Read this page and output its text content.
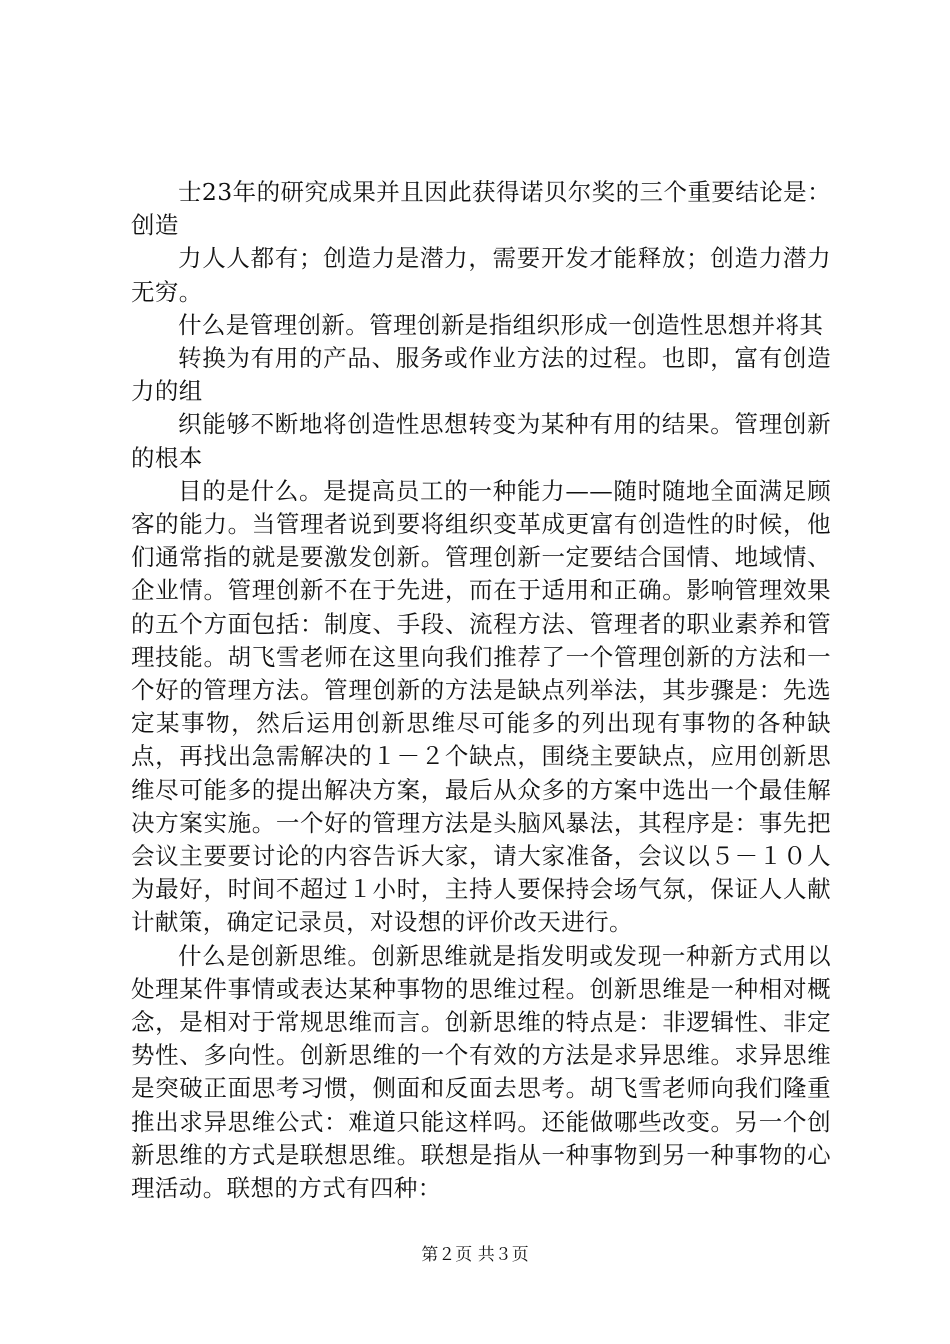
士23年的研究成果并且因此获得诺贝尔奖的三个重要结论是：创造

力人人都有；创造力是潜力，需要开发才能释放；创造力潜力无穷。

什么是管理创新。管理创新是指组织形成一创造性思想并将其

转换为有用的产品、服务或作业方法的过程。也即，富有创造力的组

织能够不断地将创造性思想转变为某种有用的结果。管理创新的根本

目的是什么。是提高员工的一种能力——随时随地全面满足顾客的能力。当管理者说到要将组织变革成更富有创造性的时候，他们通常指的就是要激发创新。管理创新一定要结合国情、地域情、企业情。管理创新不在于先进，而在于适用和正确。影响管理效果的五个方面包括：制度、手段、流程方法、管理者的职业素养和管理技能。胡飞雪老师在这里向我们推荐了一个管理创新的方法和一个好的管理方法。管理创新的方法是缺点列举法，其步骤是：先选定某事物，然后运用创新思维尽可能多的列出现有事物的各种缺点，再找出急需解决的１－２个缺点，围绕主要缺点，应用创新思维尽可能多的提出解决方案，最后从众多的方案中选出一个最佳解决方案实施。一个好的管理方法是头脑风暴法，其程序是：事先把会议主要要讨论的内容告诉大家，请大家准备，会议以５－１０人为最好，时间不超过１小时，主持人要保持会场气氛，保证人人献计献策，确定记录员，对设想的评价改天进行。

什么是创新思维。创新思维就是指发明或发现一种新方式用以处理某件事情或表达某种事物的思维过程。创新思维是一种相对概念，是相对于常规思维而言。创新思维的特点是：非逻辑性、非定势性、多向性。创新思维的一个有效的方法是求异思维。求异思维是突破正面思考习惯，侧面和反面去思考。胡飞雪老师向我们隆重推出求异思维公式：难道只能这样吗。还能做哪些改变。另一个创新思维的方式是联想思维。联想是指从一种事物到另一种事物的心理活动。联想的方式有四种：

第２页 共３页
